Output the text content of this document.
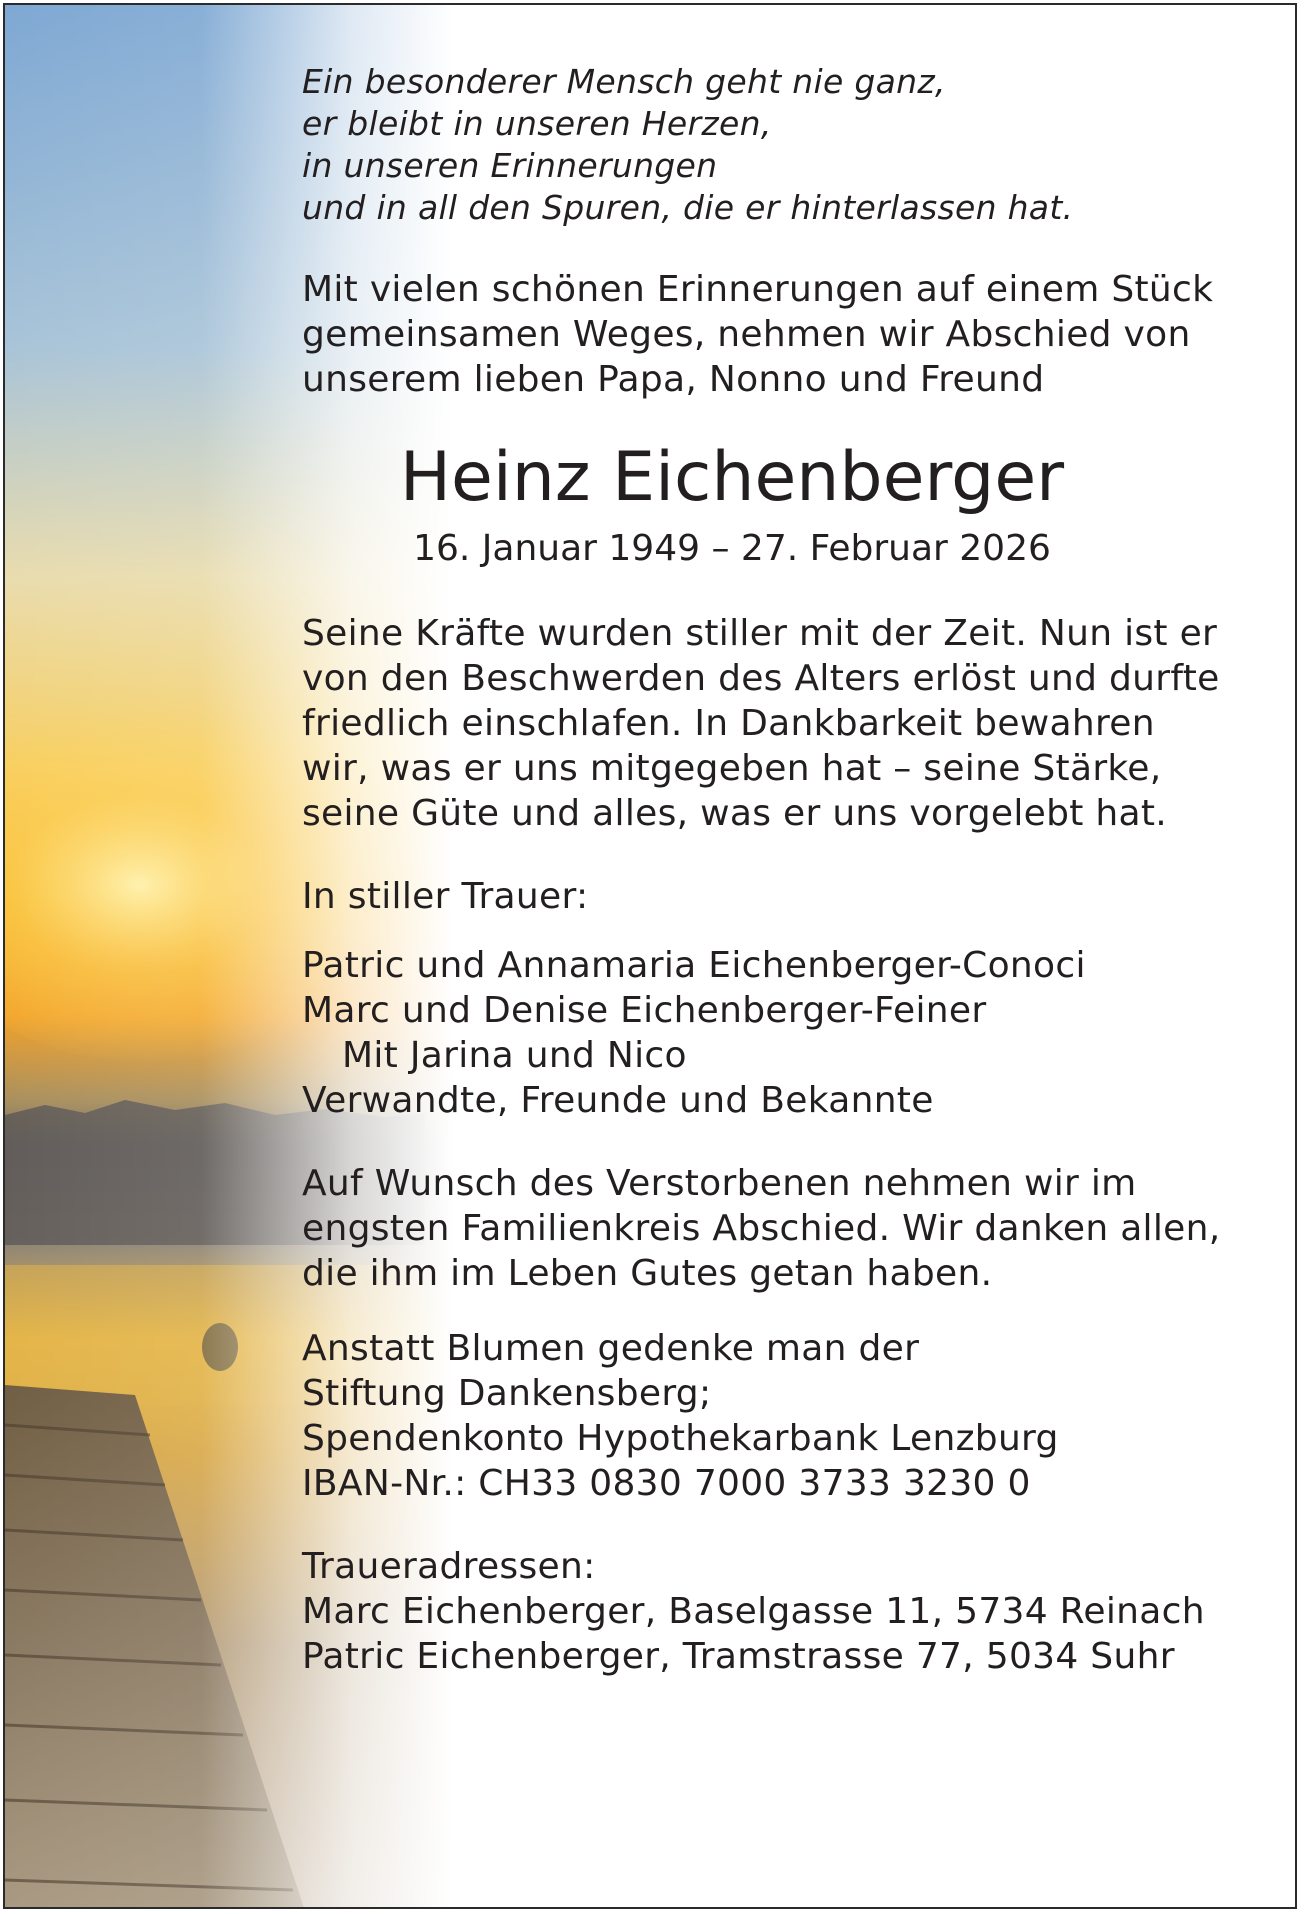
Ein besonderer Mensch geht nie ganz,
er bleibt in unseren Herzen,
in unseren Erinnerungen
und in all den Spuren, die er hinterlassen hat.

Mit vielen schönen Erinnerungen auf einem Stück
gemeinsamen Weges, nehmen wir Abschied von
unserem lieben Papa, Nonno und Freund

Heinz Eichenberger
16. Januar 1949 – 27. Februar 2026

Seine Kräfte wurden stiller mit der Zeit. Nun ist er
von den Beschwerden des Alters erlöst und durfte
friedlich einschlafen. In Dankbarkeit bewahren
wir, was er uns mitgegeben hat – seine Stärke,
seine Güte und alles, was er uns vorgelebt hat.

In stiller Trauer:

Patric und Annamaria Eichenberger-Conoci
Marc und Denise Eichenberger-Feiner
Mit Jarina und Nico
Verwandte, Freunde und Bekannte

Auf Wunsch des Verstorbenen nehmen wir im
engsten Familienkreis Abschied. Wir danken allen,
die ihm im Leben Gutes getan haben.

Anstatt Blumen gedenke man der
Stiftung Dankensberg;
Spendenkonto Hypothekarbank Lenzburg
IBAN-Nr.: CH33 0830 7000 3733 3230 0

Traueradressen:
Marc Eichenberger, Baselgasse 11, 5734 Reinach
Patric Eichenberger, Tramstrasse 77, 5034 Suhr
